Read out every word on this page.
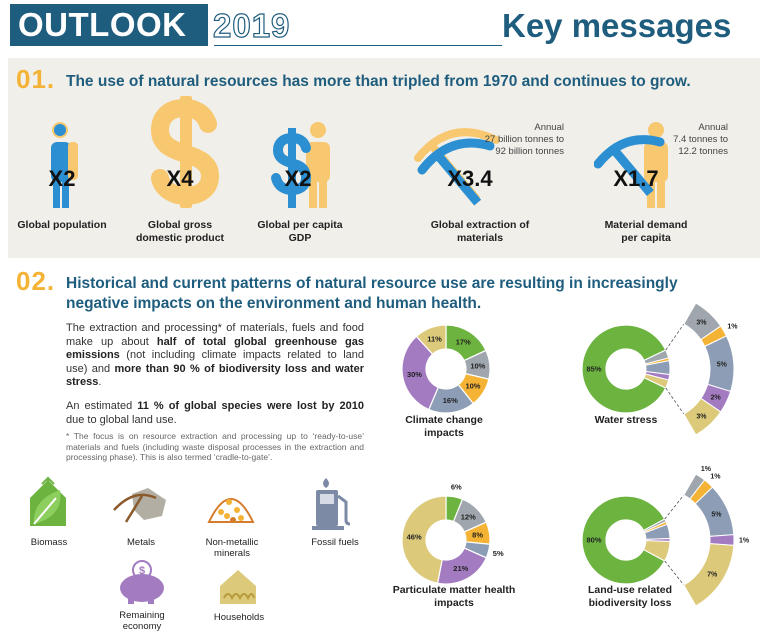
OUTLOOK 2019	Key messages
01. The use of natural resources has more than tripled from 1970 and continues to grow.
X2
Global population
X4
Global gross domestic product
X2
Global per capita GDP
X3.4
Annual
27 billion tonnes to
92 billion tonnes
Global extraction of materials
X1.7
Annual
7.4 tonnes to
12.2 tonnes
Material demand per capita
02. Historical and current patterns of natural resource use are resulting in increasingly
negative impacts on the environment and human health.
The extraction and processing* of materials, fuels and food make up about half of total global greenhouse gas emissions (not including climate impacts related to land use) and more than 90 % of biodiversity loss and water stress.
An estimated 11 % of global species were lost by 2010 due to global land use.
* The focus is on resource extraction and processing up to ‘ready-to-use’ materials and fuels (including waste disposal processes in the extraction and processing phase). This is also termed ‘cradle-to-gate’.
Biomass	Metals	Non-metallic minerals
Fossil fuels
$
Remaining economy
Households
17%
10%
10%
16%
30%
11%
85%
3%
1%
5%
2%
3%
6%
12%
8%
5%
21%
46%	80%
1%
1%
5%
1%
7%
Climate change impacts
Water stress
Particulate matter health impacts
Land-use related biodiversity loss
